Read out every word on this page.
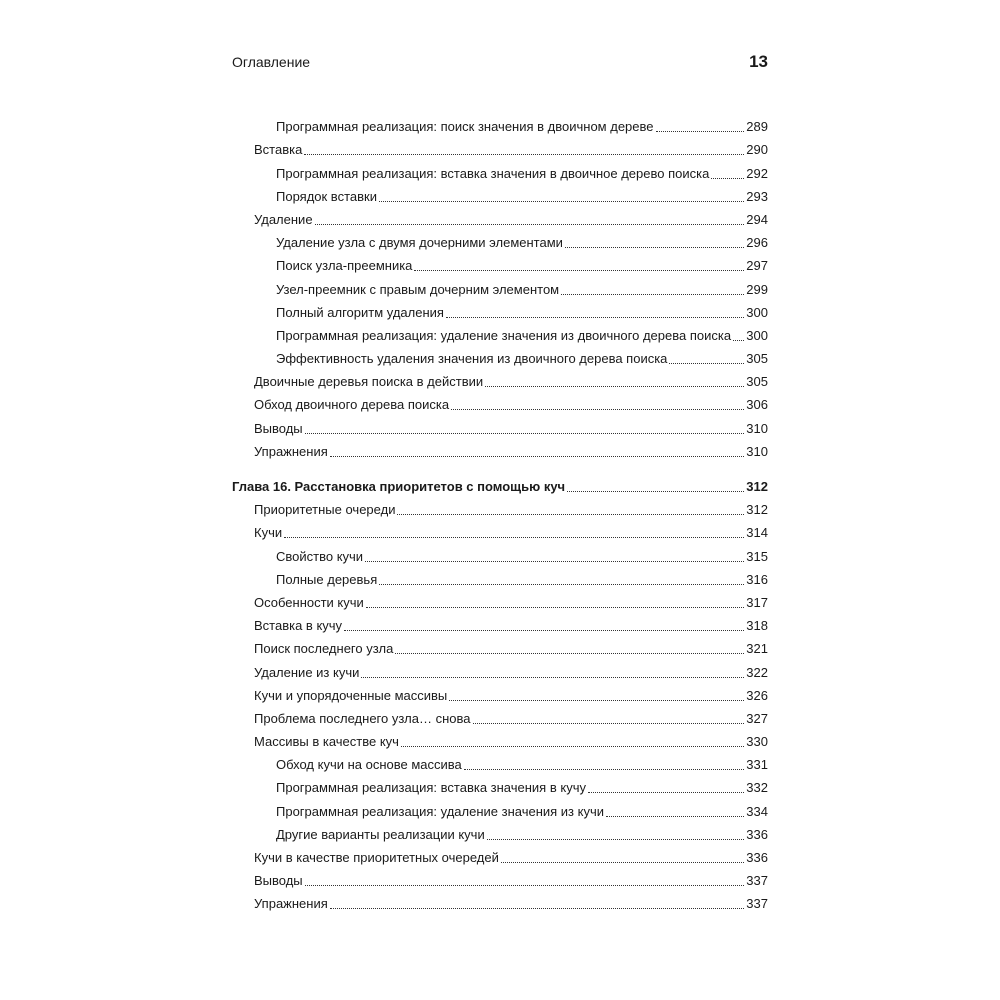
Оглавление	13
Программная реализация: поиск значения в двоичном дереве	289
Вставка	290
Программная реализация: вставка значения в двоичное дерево поиска	292
Порядок вставки	293
Удаление	294
Удаление узла с двумя дочерними элементами	296
Поиск узла-преемника	297
Узел-преемник с правым дочерним элементом	299
Полный алгоритм удаления	300
Программная реализация: удаление значения из двоичного дерева поиска 300
Эффективность удаления значения из двоичного дерева поиска	305
Двоичные деревья поиска в действии	305
Обход двоичного дерева поиска	306
Выводы	310
Упражнения	310
Глава 16. Расстановка приоритетов с помощью куч	312
Приоритетные очереди	312
Кучи	314
Свойство кучи	315
Полные деревья	316
Особенности кучи	317
Вставка в кучу	318
Поиск последнего узла	321
Удаление из кучи	322
Кучи и упорядоченные массивы	326
Проблема последнего узла… снова	327
Массивы в качестве куч	330
Обход кучи на основе массива	331
Программная реализация: вставка значения в кучу	332
Программная реализация: удаление значения из кучи	334
Другие варианты реализации кучи	336
Кучи в качестве приоритетных очередей	336
Выводы	337
Упражнения	337
